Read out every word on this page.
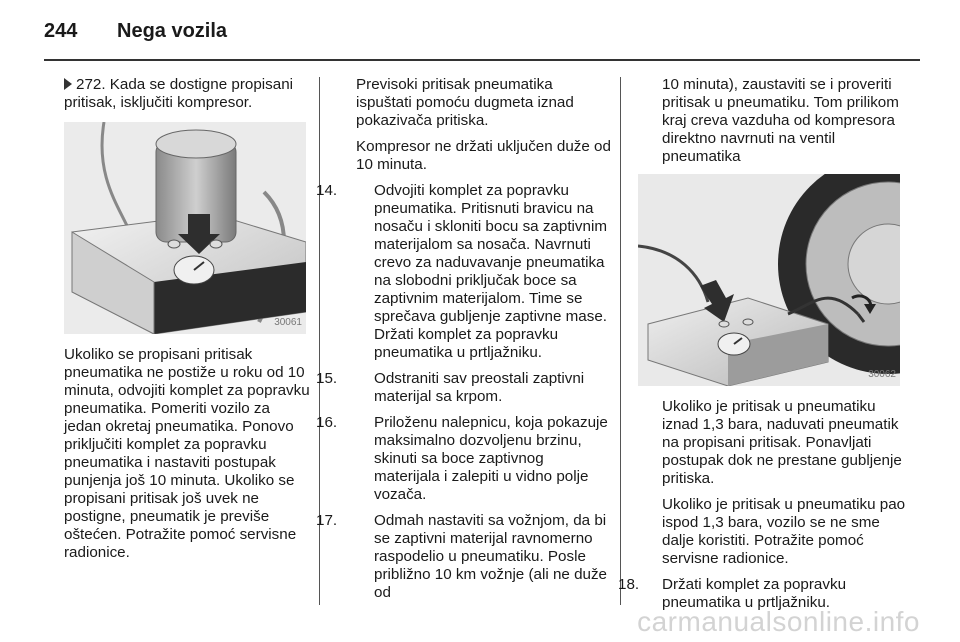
244 Nega vozila

272. Kada se dostigne propisani pritisak, isključiti kompresor.

30061

Ukoliko se propisani pritisak pneumatika ne postiže u roku od 10 minuta, odvojiti komplet za popravku pneumatika. Pomeriti vozilo za jedan okretaj pneumatika. Ponovo priključiti komplet za popravku pneumatika i nastaviti postupak punjenja još 10 minuta. Ukoliko se propisani pritisak još uvek ne postigne, pneumatik je previše oštećen. Potražite pomoć servisne radionice.

Previsoki pritisak pneumatika ispuštati pomoću dugmeta iznad pokazivača pritiska.

Kompresor ne držati uključen duže od 10 minuta.

14.	Odvojiti komplet za popravku pneumatika. Pritisnuti bravicu na nosaču i skloniti bocu sa zaptivnim materijalom sa nosača. Navrnuti crevo za naduvavanje pneumatika na slobodni priključak boce sa zaptivnim materijalom. Time se sprečava gubljenje zaptivne mase. Držati komplet za popravku pneumatika u prtljažniku.
15.	Odstraniti sav preostali zaptivni materijal sa krpom.
16.	Priloženu nalepnicu, koja pokazuje maksimalno dozvoljenu brzinu, skinuti sa boce zaptivnog materijala i zalepiti u vidno polje vozača.
17.	Odmah nastaviti sa vožnjom, da bi se zaptivni materijal ravnomerno raspodelio u pneumatiku. Posle približno 10 km vožnje (ali ne duže od

10 minuta), zaustaviti se i proveriti pritisak u pneumatiku. Tom prilikom kraj creva vazduha od kompresora direktno navrnuti na ventil pneumatika

30062

Ukoliko je pritisak u pneumatiku iznad 1,3 bara, naduvati pneumatik na propisani pritisak. Ponavljati postupak dok ne prestane gubljenje pritiska.

Ukoliko je pritisak u pneumatiku pao ispod 1,3 bara, vozilo se ne sme dalje koristiti. Potražite pomoć servisne radionice.

18.	Držati komplet za popravku pneumatika u prtljažniku.
carmanualsonline.info
